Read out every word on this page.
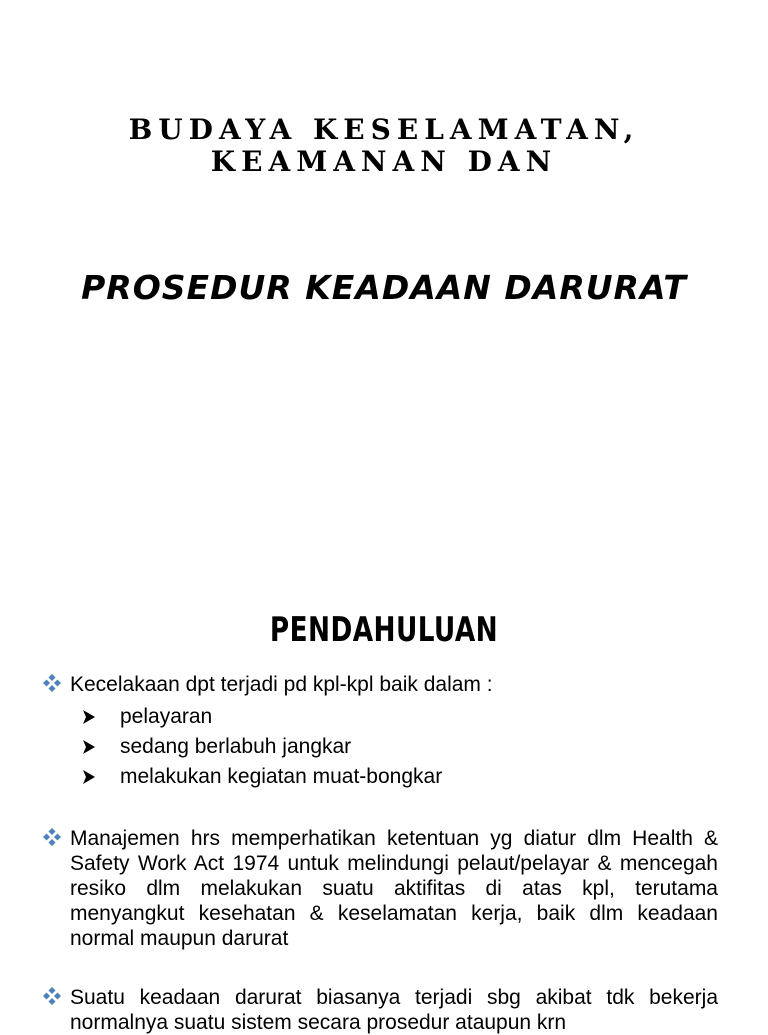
BUDAYA KESELAMATAN,
KEAMANAN DAN
PROSEDUR KEADAAN DARURAT
PENDAHULUAN
Kecelakaan dpt terjadi pd kpl-kpl baik dalam :
pelayaran
sedang berlabuh jangkar
melakukan kegiatan muat-bongkar
Manajemen hrs memperhatikan ketentuan yg diatur dlm Health & Safety Work Act 1974 untuk melindungi pelaut/pelayar & mencegah resiko dlm melakukan suatu aktifitas di atas kpl, terutama menyangkut kesehatan & keselamatan kerja, baik dlm keadaan normal maupun darurat
Suatu keadaan darurat biasanya terjadi sbg akibat tdk bekerja normalnya suatu sistem secara prosedur ataupun krn
